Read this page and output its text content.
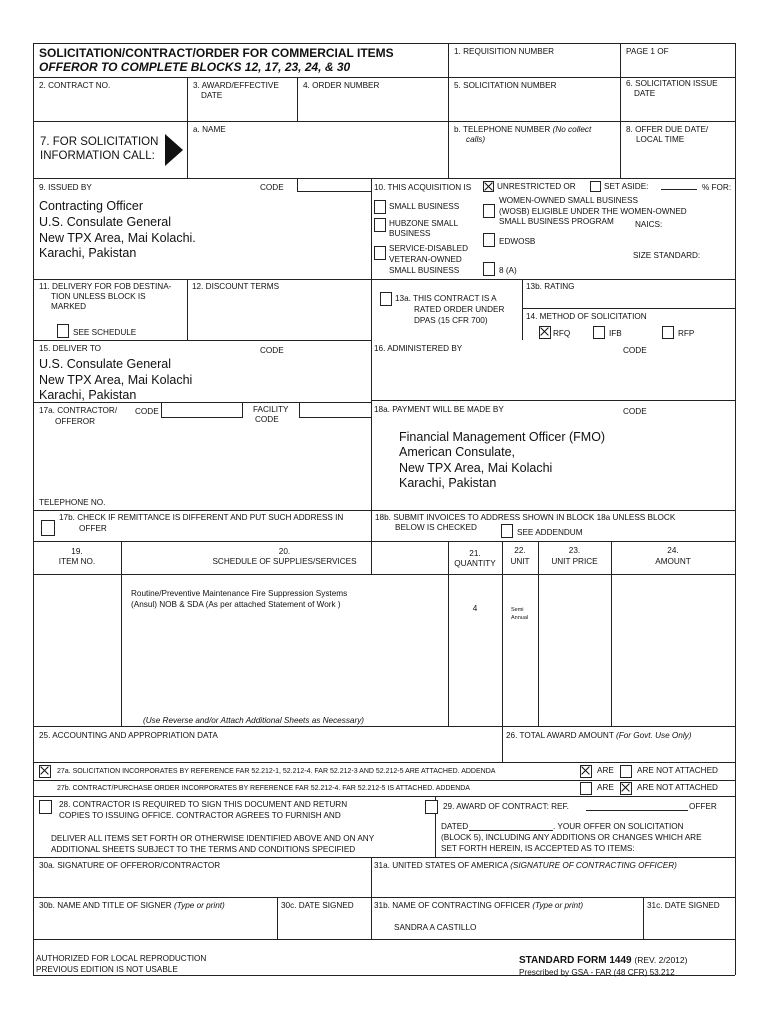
SOLICITATION/CONTRACT/ORDER FOR COMMERCIAL ITEMS
OFFEROR TO COMPLETE BLOCKS 12, 17, 23, 24, & 30
1. REQUISITION NUMBER	PAGE 1 OF
2. CONTRACT NO.	3. AWARD/EFFECTIVE
DATE
4. ORDER NUMBER	5. SOLICITATION NUMBER	6. SOLICITATION ISSUE
DATE
7. FOR SOLICITATION
INFORMATION CALL:
a. NAME	b. TELEPHONE NUMBER (No collect
calls)
8. OFFER DUE DATE/
LOCAL TIME
9. ISSUED BY	CODE
Contracting Officer
U.S. Consulate General
New TPX Area, Mai Kolachi.
Karachi, Pakistan
10. THIS ACQUISITION IS	UNRESTRICTED OR	SET ASIDE:	% FOR:
SMALL BUSINESS
HUBZONE SMALL
BUSINESS
SERVICE-DISABLED
VETERAN-OWNED
SMALL BUSINESS
WOMEN-OWNED SMALL BUSINESS
(WOSB) ELIGIBLE UNDER THE WOMEN-OWNED
SMALL BUSINESS PROGRAM	NAICS:
EDWOSB
SIZE STANDARD:
8 (A)
11. DELIVERY FOR FOB DESTINA-
TION UNLESS BLOCK IS
MARKED
SEE SCHEDULE
12. DISCOUNT TERMS
13a. THIS CONTRACT IS A
RATED ORDER UNDER
DPAS (15 CFR 700)
13b. RATING
14. METHOD OF SOLICITATION
RFQ	IFB	RFP
15. DELIVER TO	CODE
U.S. Consulate General
New TPX Area, Mai Kolachi
Karachi, Pakistan
16. ADMINISTERED BY	CODE
17a. CONTRACTOR/
OFFEROR
CODE	FACILITY
CODE
TELEPHONE NO.
17b. CHECK IF REMITTANCE IS DIFFERENT AND PUT SUCH ADDRESS IN
OFFER
18a. PAYMENT WILL BE MADE BY	CODE
Financial Management Officer (FMO)
American Consulate,
New TPX Area, Mai Kolachi
Karachi, Pakistan
18b. SUBMIT INVOICES TO ADDRESS SHOWN IN BLOCK 18a UNLESS BLOCK
BELOW IS CHECKED
SEE ADDENDUM
19.
ITEM NO.
20.
SCHEDULE OF SUPPLIES/SERVICES
21.
QUANTITY
22.
UNIT
23.
UNIT PRICE
24.
AMOUNT
Routine/Preventive Maintenance Fire Suppression Systems
(Ansul) NOB & SDA (As per attached Statement of Work )	4	Semi
Annual
(Use Reverse and/or Attach Additional Sheets as Necessary)
25. ACCOUNTING AND APPROPRIATION DATA	26. TOTAL AWARD AMOUNT (For Govt. Use Only)
27a. SOLICITATION INCORPORATES BY REFERENCE FAR 52.212-1, 52.212-4. FAR 52.212-3 AND 52.212-5 ARE ATTACHED. ADDENDA	ARE	ARE NOT ATTACHED
27b. CONTRACT/PURCHASE ORDER INCORPORATES BY REFERENCE FAR 52.212-4. FAR 52.212-5 IS ATTACHED. ADDENDA	ARE	ARE NOT ATTACHED
28. CONTRACTOR IS REQUIRED TO SIGN THIS DOCUMENT AND RETURN
COPIES TO ISSUING OFFICE. CONTRACTOR AGREES TO FURNISH AND
DELIVER ALL ITEMS SET FORTH OR OTHERWISE IDENTIFIED ABOVE AND ON ANY
ADDITIONAL SHEETS SUBJECT TO THE TERMS AND CONDITIONS SPECIFIED
29. AWARD OF CONTRACT: REF.	OFFER
DATED	. YOUR OFFER ON SOLICITATION
(BLOCK 5), INCLUDING ANY ADDITIONS OR CHANGES WHICH ARE
SET FORTH HEREIN, IS ACCEPTED AS TO ITEMS:
30a. SIGNATURE OF OFFEROR/CONTRACTOR	31a. UNITED STATES OF AMERICA (SIGNATURE OF CONTRACTING OFFICER)
30b. NAME AND TITLE OF SIGNER (Type or print)	30c. DATE SIGNED 31b. NAME OF CONTRACTING OFFICER (Type or print)	31c. DATE SIGNED
SANDRA A CASTILLO
AUTHORIZED FOR LOCAL REPRODUCTION
PREVIOUS EDITION IS NOT USABLE
STANDARD FORM 1449 (REV. 2/2012)
Prescribed by GSA - FAR (48 CFR) 53.212
